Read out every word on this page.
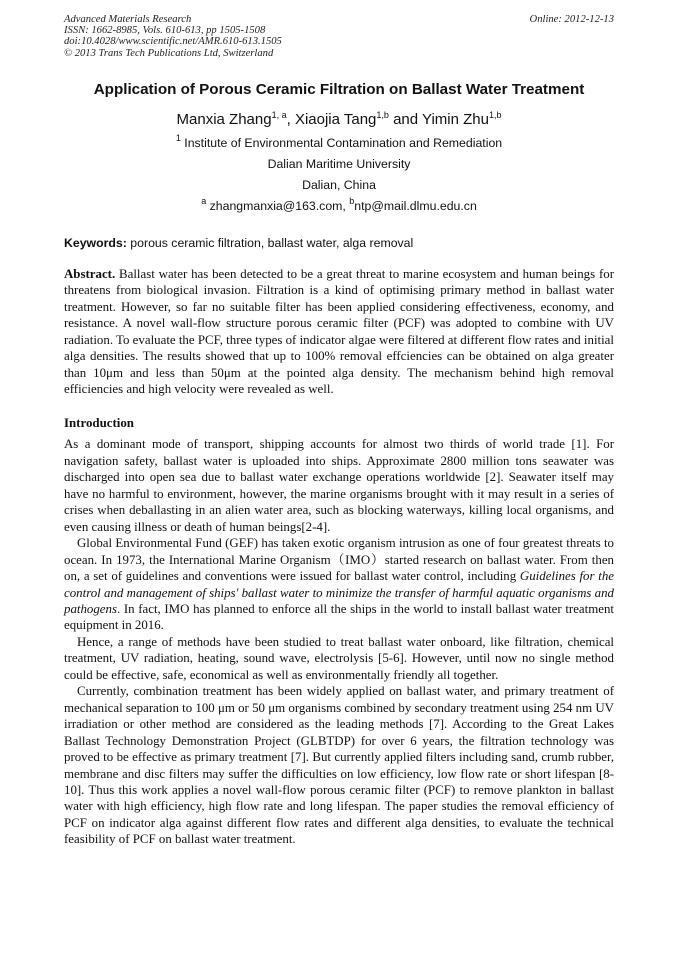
Advanced Materials Research
ISSN: 1662-8985, Vols. 610-613, pp 1505-1508
doi:10.4028/www.scientific.net/AMR.610-613.1505
© 2013 Trans Tech Publications Ltd, Switzerland
Online: 2012-12-13
Application of Porous Ceramic Filtration on Ballast Water Treatment
Manxia Zhang$^{1, a}$, Xiaojia Tang$^{1,b}$ and Yimin Zhu$^{1,b}$
$^1$ Institute of Environmental Contamination and Remediation
Dalian Maritime University
Dalian, China
$^a$ zhangmanxia@163.com, $^b$ntp@mail.dlmu.edu.cn
Keywords: porous ceramic filtration, ballast water, alga removal
Abstract. Ballast water has been detected to be a great threat to marine ecosystem and human beings for threatens from biological invasion. Filtration is a kind of optimising primary method in ballast water treatment. However, so far no suitable filter has been applied considering effectiveness, economy, and resistance. A novel wall-flow structure porous ceramic filter (PCF) was adopted to combine with UV radiation. To evaluate the PCF, three types of indicator algae were filtered at different flow rates and initial alga densities. The results showed that up to 100% removal effciencies can be obtained on alga greater than 10μm and less than 50μm at the pointed alga density. The mechanism behind high removal efficiencies and high velocity were revealed as well.
Introduction
As a dominant mode of transport, shipping accounts for almost two thirds of world trade [1]. For navigation safety, ballast water is uploaded into ships. Approximate 2800 million tons seawater was discharged into open sea due to ballast water exchange operations worldwide [2]. Seawater itself may have no harmful to environment, however, the marine organisms brought with it may result in a series of crises when deballasting in an alien water area, such as blocking waterways, killing local organisms, and even causing illness or death of human beings[2-4].
Global Environmental Fund (GEF) has taken exotic organism intrusion as one of four greatest threats to ocean. In 1973, the International Marine Organism（IMO）started research on ballast water. From then on, a set of guidelines and conventions were issued for ballast water control, including Guidelines for the control and management of ships' ballast water to minimize the transfer of harmful aquatic organisms and pathogens. In fact, IMO has planned to enforce all the ships in the world to install ballast water treatment equipment in 2016.
Hence, a range of methods have been studied to treat ballast water onboard, like filtration, chemical treatment, UV radiation, heating, sound wave, electrolysis [5-6]. However, until now no single method could be effective, safe, economical as well as environmentally friendly all together.
Currently, combination treatment has been widely applied on ballast water, and primary treatment of mechanical separation to 100 μm or 50 μm organisms combined by secondary treatment using 254 nm UV irradiation or other method are considered as the leading methods [7]. According to the Great Lakes Ballast Technology Demonstration Project (GLBTDP) for over 6 years, the filtration technology was proved to be effective as primary treatment [7]. But currently applied filters including sand, crumb rubber, membrane and disc filters may suffer the difficulties on low efficiency, low flow rate or short lifespan [8-10]. Thus this work applies a novel wall-flow porous ceramic filter (PCF) to remove plankton in ballast water with high efficiency, high flow rate and long lifespan. The paper studies the removal efficiency of PCF on indicator alga against different flow rates and different alga densities, to evaluate the technical feasibility of PCF on ballast water treatment.
